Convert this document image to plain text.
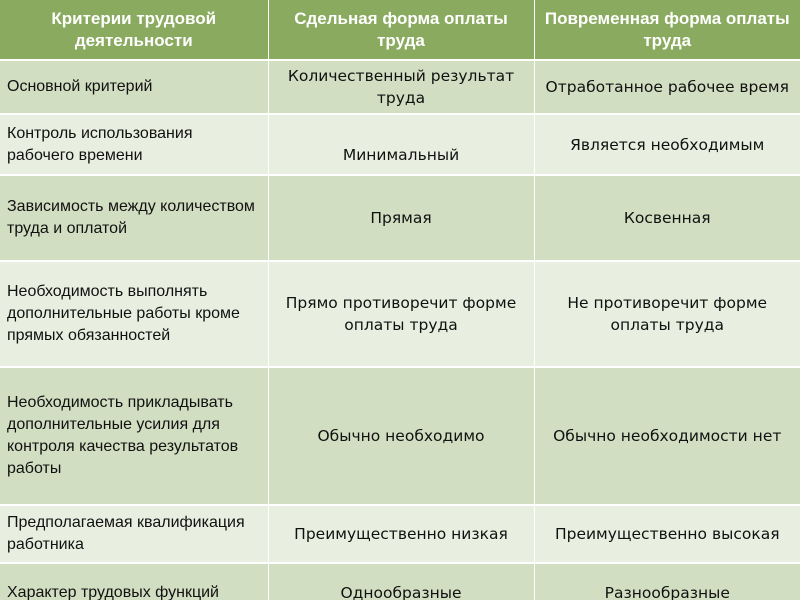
Критерии трудовой деятельности	Сдельная форма оплаты труда	Повременная форма оплаты труда
Основной критерий	Количественный результат труда	Отработанное рабочее время
Контроль использования рабочего времени	Минимальный	Является необходимым
Зависимость между количеством труда и оплатой	Прямая	Косвенная
Необходимость выполнять дополнительные работы кроме прямых обязанностей	Прямо противоречит форме оплаты труда	Не противоречит форме оплаты труда
Необходимость прикладывать дополнительные усилия для контроля качества результатов работы	Обычно необходимо	Обычно необходимости нет
Предполагаемая квалификация работника	Преимущественно низкая	Преимущественно высокая
Характер трудовых функций	Однообразные	Разнообразные
